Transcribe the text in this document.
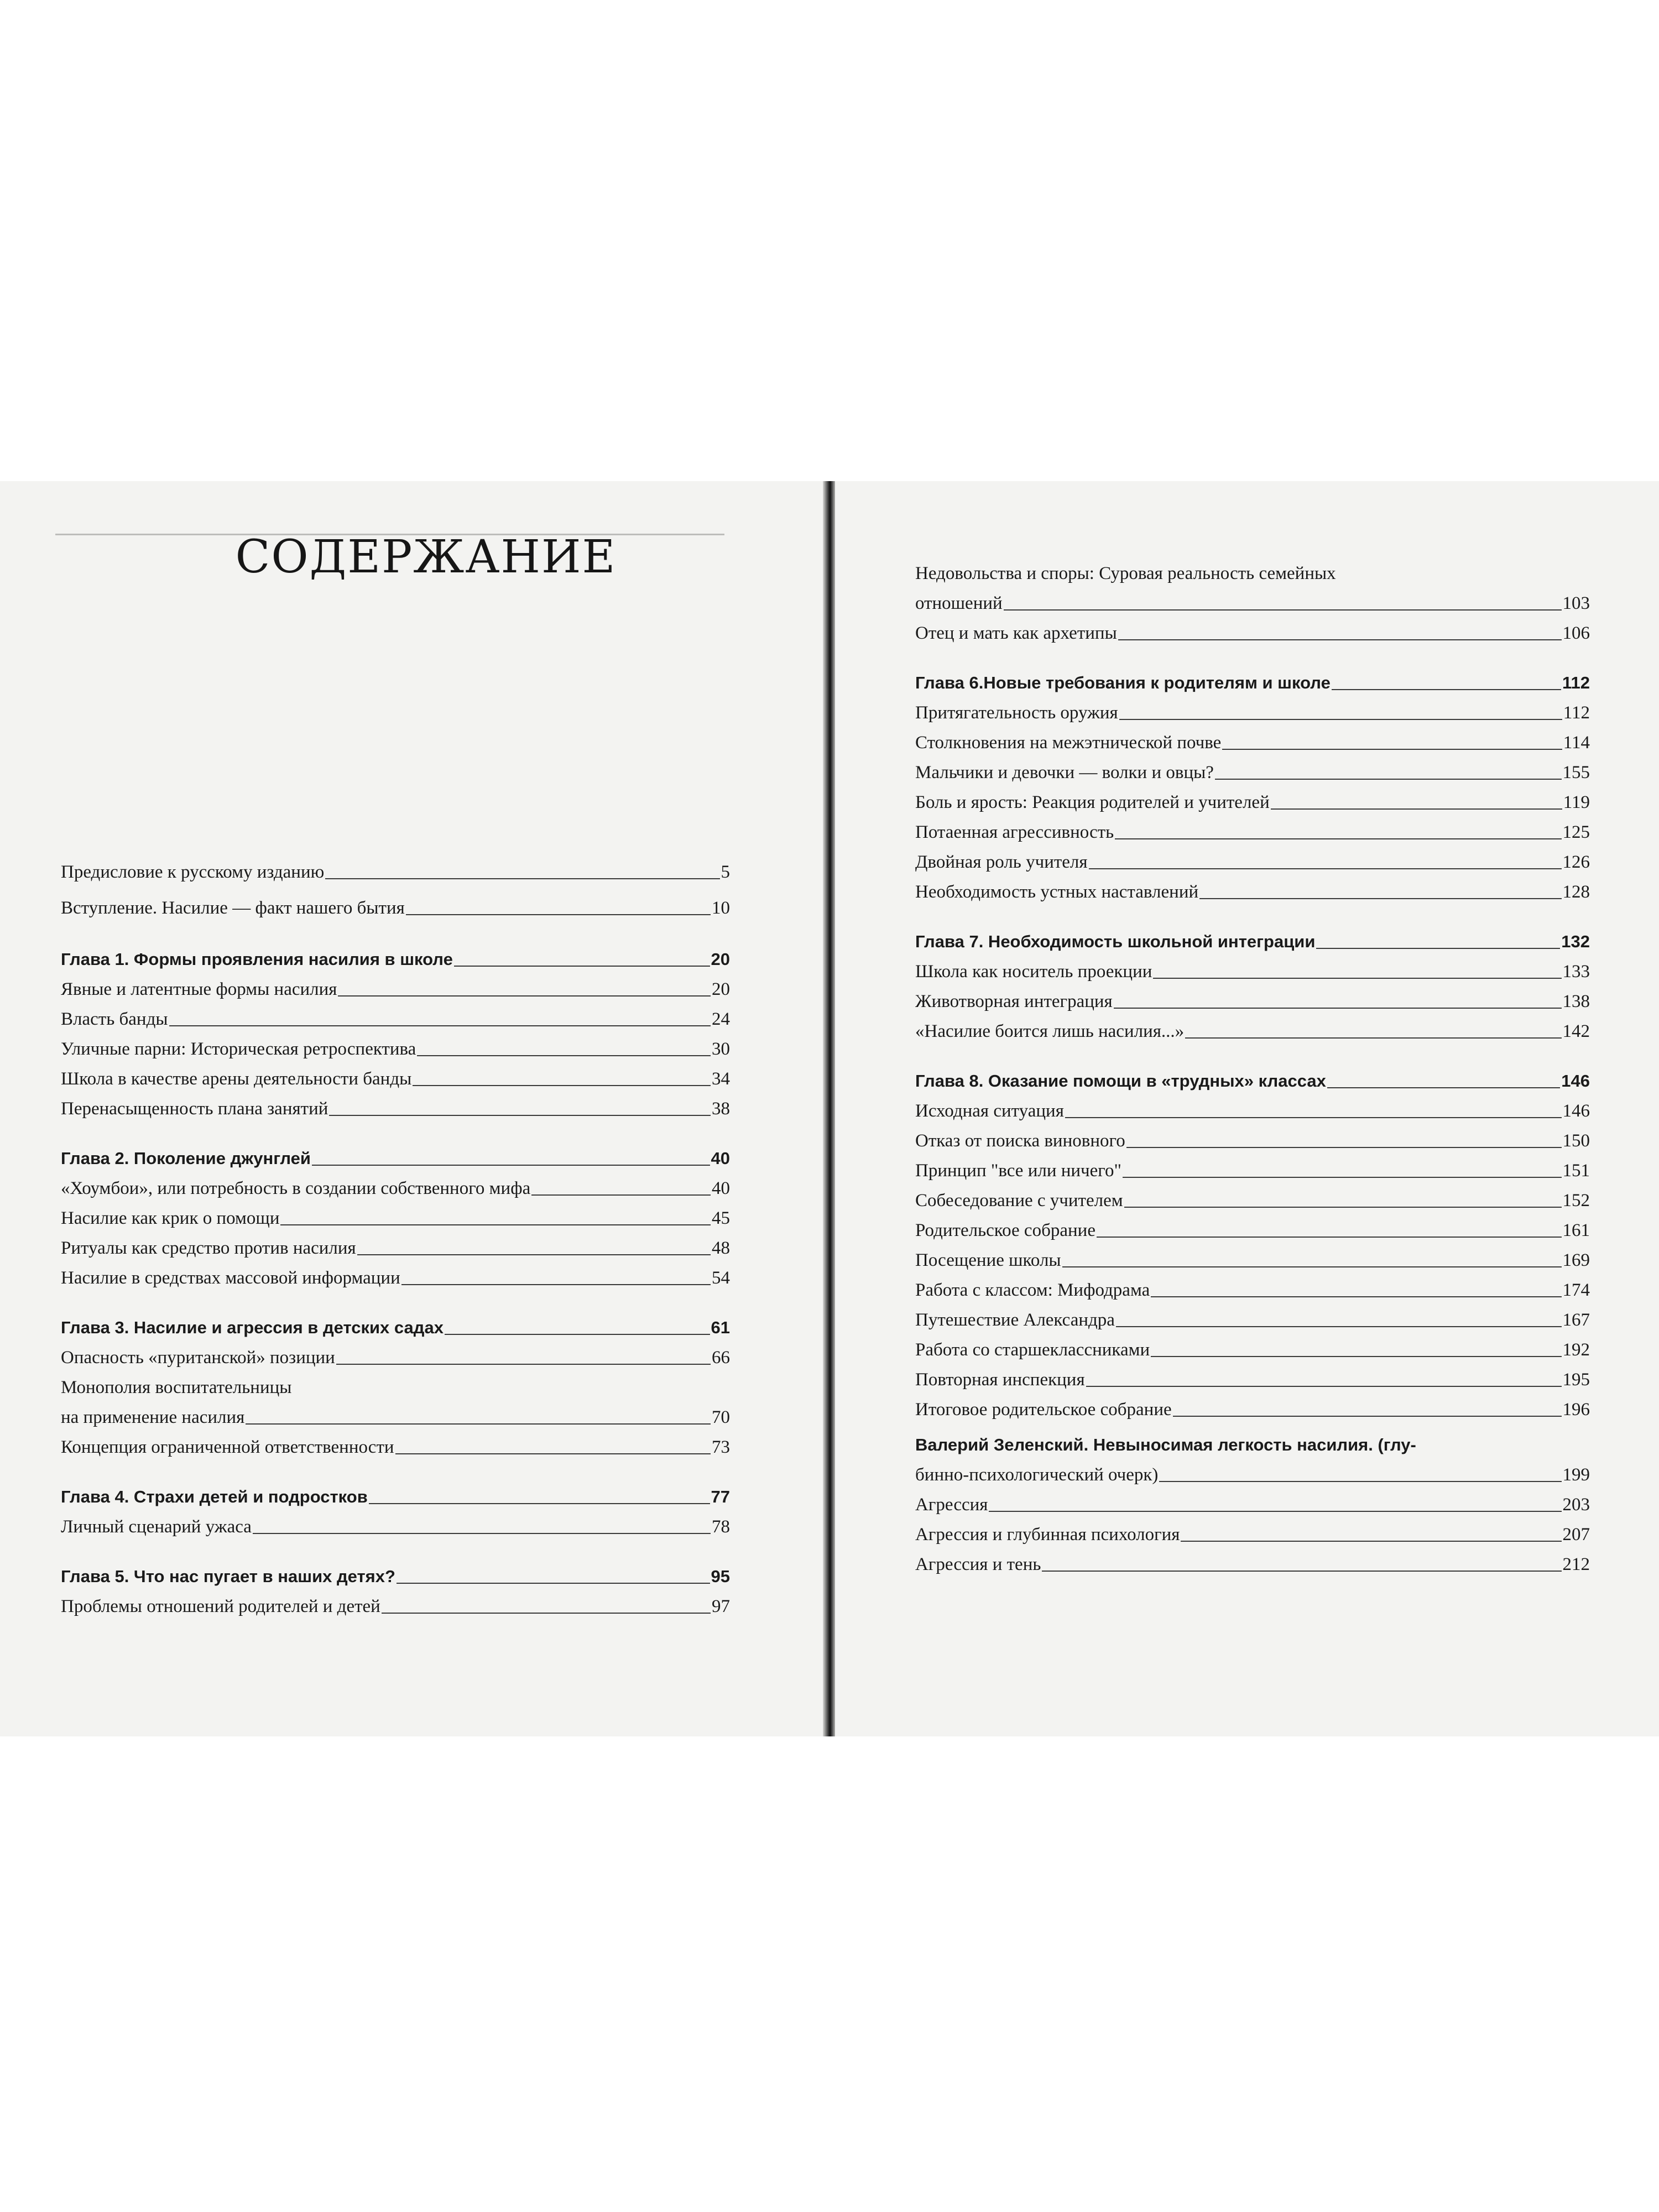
СОДЕРЖАНИЕ
Предисловие к русскому изданию	5
Вступление. Насилие — факт нашего бытия	10
Глава 1. Формы проявления насилия в школе	20
Явные и латентные формы насилия	20
Власть банды	24
Уличные парни: Историческая ретроспектива	30
Школа в качестве арены деятельности банды	34
Перенасыщенность плана занятий	38
Глава 2. Поколение джунглей	40
«Хоумбои», или потребность в создании собственного мифа	40
Насилие как крик о помощи	45
Ритуалы как средство против насилия	48
Насилие в средствах массовой информации	54
Глава 3. Насилие и агрессия в детских садах	61
Опасность «пуританской» позиции	66
Монополия воспитательницы
на применение насилия	70
Концепция ограниченной ответственности	73
Глава 4. Страхи детей и подростков	77
Личный сценарий ужаса	78
Глава 5. Что нас пугает в наших детях?	95
Проблемы отношений родителей и детей	97
Недовольства и споры: Суровая реальность семейных
отношений	103
Отец и мать как архетипы	106
Глава 6.Новые требования к родителям и школе	112
Притягательность оружия	112
Столкновения на межэтнической почве	114
Мальчики и девочки — волки и овцы?	155
Боль и ярость: Реакция родителей и учителей	119
Потаенная агрессивность	125
Двойная роль учителя	126
Необходимость устных наставлений	128
Глава 7. Необходимость школьной интеграции	132
Школа как носитель проекции	133
Животворная интеграция	138
«Насилие боится лишь насилия...»	142
Глава 8. Оказание помощи в «трудных» классах	146
Исходная ситуация	146
Отказ от поиска виновного	150
Принцип "все или ничего"	151
Собеседование с учителем	152
Родительское собрание	161
Посещение школы	169
Работа с классом: Мифодрама	174
Путешествие Александра	167
Работа со старшеклассниками	192
Повторная инспекция	195
Итоговое родительское собрание	196
Валерий Зеленский. Невыносимая легкость насилия. (глу-
бинно-психологический очерк)	199
Агрессия	203
Агрессия и глубинная психология	207
Агрессия и тень	212
